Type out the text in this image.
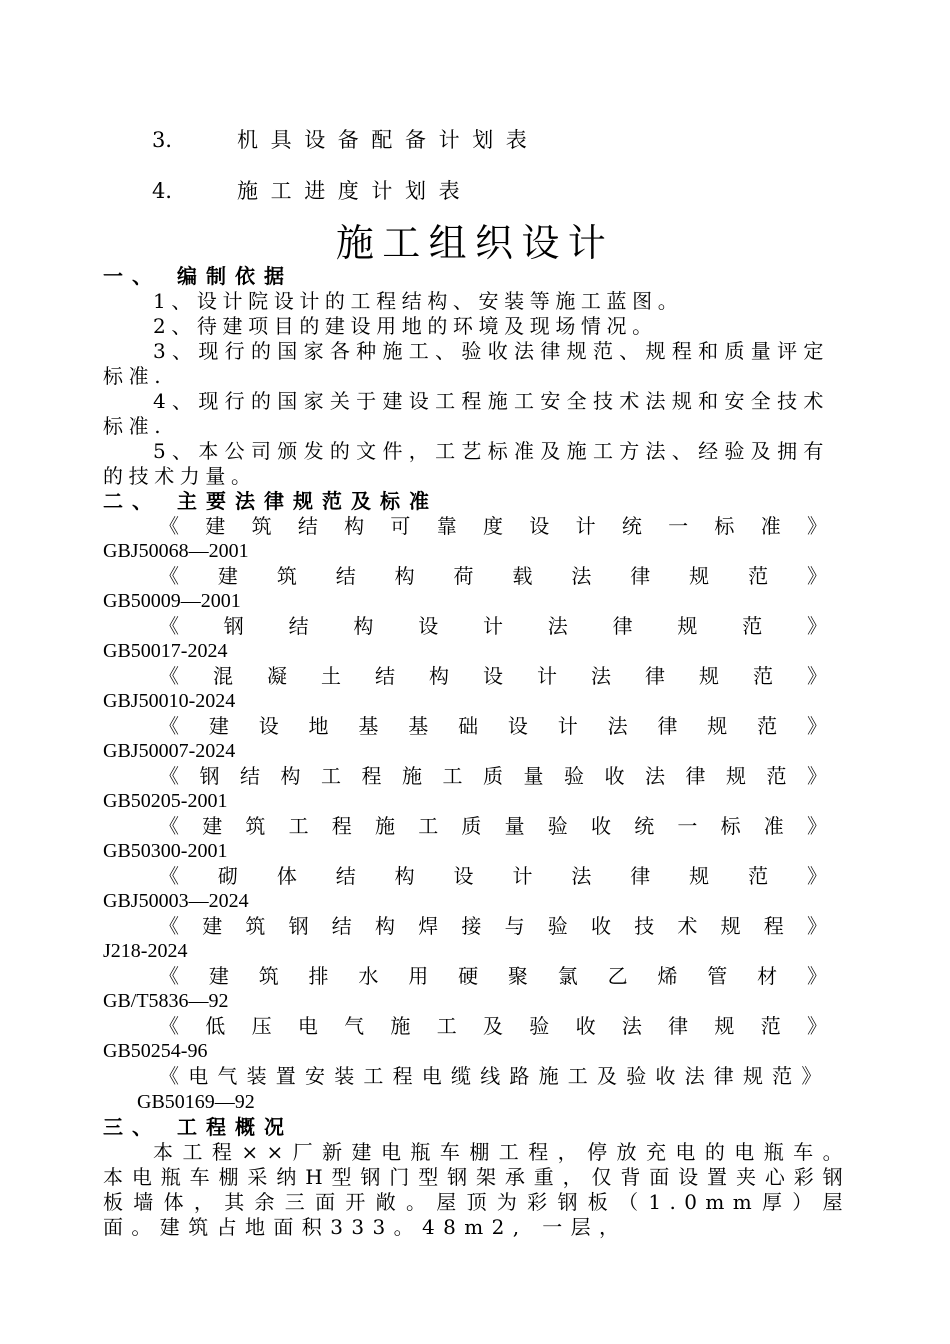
3． 机具设备配备计划表
4． 施工进度计划表
施工组织设计
一、 编制依据
1、设计院设计的工程结构、安装等施工蓝图。
2、待建项目的建设用地的环境及现场情况。
3、现行的国家各种施工、验收法律规范、规程和质量评定标准.
4、现行的国家关于建设工程施工安全技术法规和安全技术标准.
5、本公司颁发的文件，工艺标准及施工方法、经验及拥有的技术力量。
二、 主要法律规范及标准
《建筑结构可靠度设计统一标准》
GBJ50068—2001
《建筑结构荷载法律规范》
GB50009—2001
《钢结构设计法律规范》
GB50017-2024
《混凝土结构设计法律规范》
GBJ50010-2024
《建设地基基础设计法律规范》
GBJ50007-2024
《钢结构工程施工质量验收法律规范》
GB50205-2001
《建筑工程施工质量验收统一标准》
GB50300-2001
《砌体结构设计法律规范》
GBJ50003—2024
《建筑钢结构焊接与验收技术规程》
J218-2024
《建筑排水用硬聚氯乙烯管材》
GB/T5836—92
《低压电气施工及验收法律规范》
GB50254-96
《电气装置安装工程电缆线路施工及验收法律规范》 GB50169—92
三、 工程概况
本工程××厂新建电瓶车棚工程，停放充电的电瓶车。本电瓶车棚采纳H型钢门型钢架承重，仅背面设置夹心彩钢板墙体，其余三面开敞。屋顶为彩钢板（1.0mm厚）屋面。建筑占地面积333。48m2, 一层，
